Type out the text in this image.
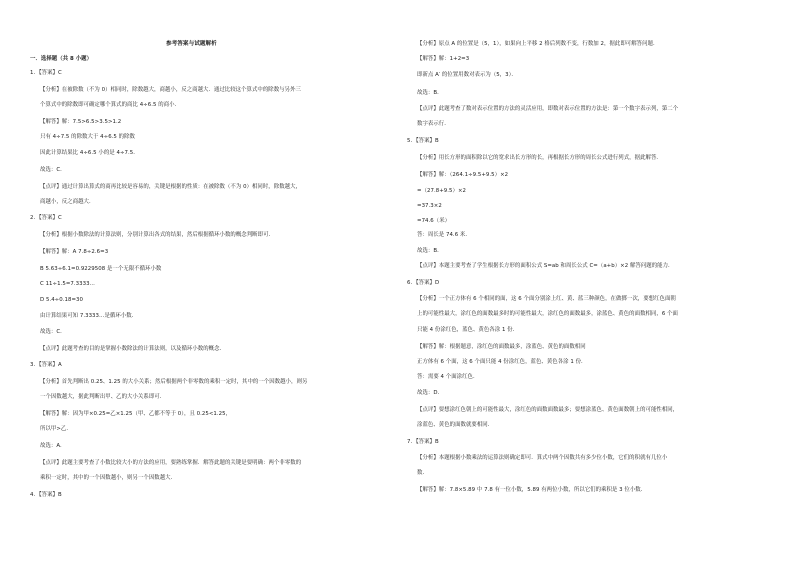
参考答案与试题解析
一．选择题（共 8 小题）
1．【答案】C
【分析】在被除数（不为 0）相同时，除数越大，商越小，反之商越大．通过比较这个算式中的除数与另外三
个算式中的除数即可确定哪个算式的商比 4÷6.5 的商小．
【解答】解：7.5>6.5>3.5>1.2
只有 4÷7.5 的除数大于 4÷6.5 的除数
因此计算结果比 4÷6.5 小的是 4÷7.5．
故选：C．
【点评】通过计算出算式的商再比较是容易的，关键是根据的性质：在被除数（不为 0）相同时，除数越大，
商越小，反之商越大．
2．【答案】C
【分析】根据小数除法的计算法则，分别计算出各式的结果，然后根据循环小数的概念判断即可．
【解答】解：A 7.8÷2.6=3
B 5.63÷6.1=0.9229508 是一个无限不循环小数
C 11÷1.5=7.3333…
D 5.4÷0.18=30
由计算结果可知 7.3333…是循环小数．
故选：C．
【点评】此题考查的目的是掌握小数除法的计算法则，以及循环小数的概念．
3．【答案】A
【分析】首先判断出 0.25、1.25 的大小关系；然后根据两个非零数的乘积一定时，其中的一个因数越小，则另
一个因数越大，据此判断出甲、乙的大小关系即可．
【解答】解：因为甲×0.25=乙×1.25（甲、乙都不等于 0），且 0.25<1.25，
所以甲>乙．
故选：A．
【点评】此题主要考查了小数比较大小的方法的应用，要熟练掌握．解答此题的关键是要明确：两个非零数的
乘积一定时，其中的一个因数越小，则另一个因数越大．
4．【答案】B
【分析】原点 A 的位置是（5，1），如果向上平移 2 格后列数不变，行数加 2，据此即可解答问题．
【解答】解：1+2=3
即新点 A′ 的位置用数对表示为（5，3）．
故选：B．
【点评】此题考查了数对表示位置的方法的灵活应用，即数对表示位置的方法是：第一个数字表示列，第二个
数字表示行．
5．【答案】B
【分析】用长方形的面积除以它的宽求出长方形的长，再根据长方形的周长公式进行列式，据此解答．
【解答】解：（264.1÷9.5+9.5）×2
=（27.8+9.5）×2
=37.3×2
=74.6（米）
答：周长是 74.6 米．
故选：B．
【点评】本题主要考查了学生根据长方形的面积公式 S=ab 和周长公式 C=（a+b）×2 解答问题的能力．
6．【答案】D
【分析】一个正方体有 6 个相同的面，这 6 个面分别涂上红、黄、蓝三种颜色，在做掷一次，要想红色面朝
上的可能性最大，涂红色的面数最多时的可能性最大，涂红色的面数最多，涂蓝色、黄色的面数相同，6 个面
只能 4 份涂红色，蓝色、黄色各涂 1 份．
【解答】解：根据题意，涂红色的面数最多，涂蓝色、黄色的面数相同
正方体有 6 个面，这 6 个面只能 4 份涂红色，蓝色、黄色各涂 1 份．
答：需要 4 个面涂红色．
故选：D．
【点评】要想涂红色朝上的可能性最大，涂红色的面数面数最多；要想涂蓝色、黄色面数朝上的可能性相同，
涂蓝色、黄色的面数就要相同．
7．【答案】B
【分析】本题根据小数乘法的运算法则确定即可．算式中两个因数共有多少位小数，它们的积就有几位小
数．
【解答】解：7.8×5.89 中 7.8 有一位小数，5.89 有两位小数，所以它们的乘积是 3 位小数．
